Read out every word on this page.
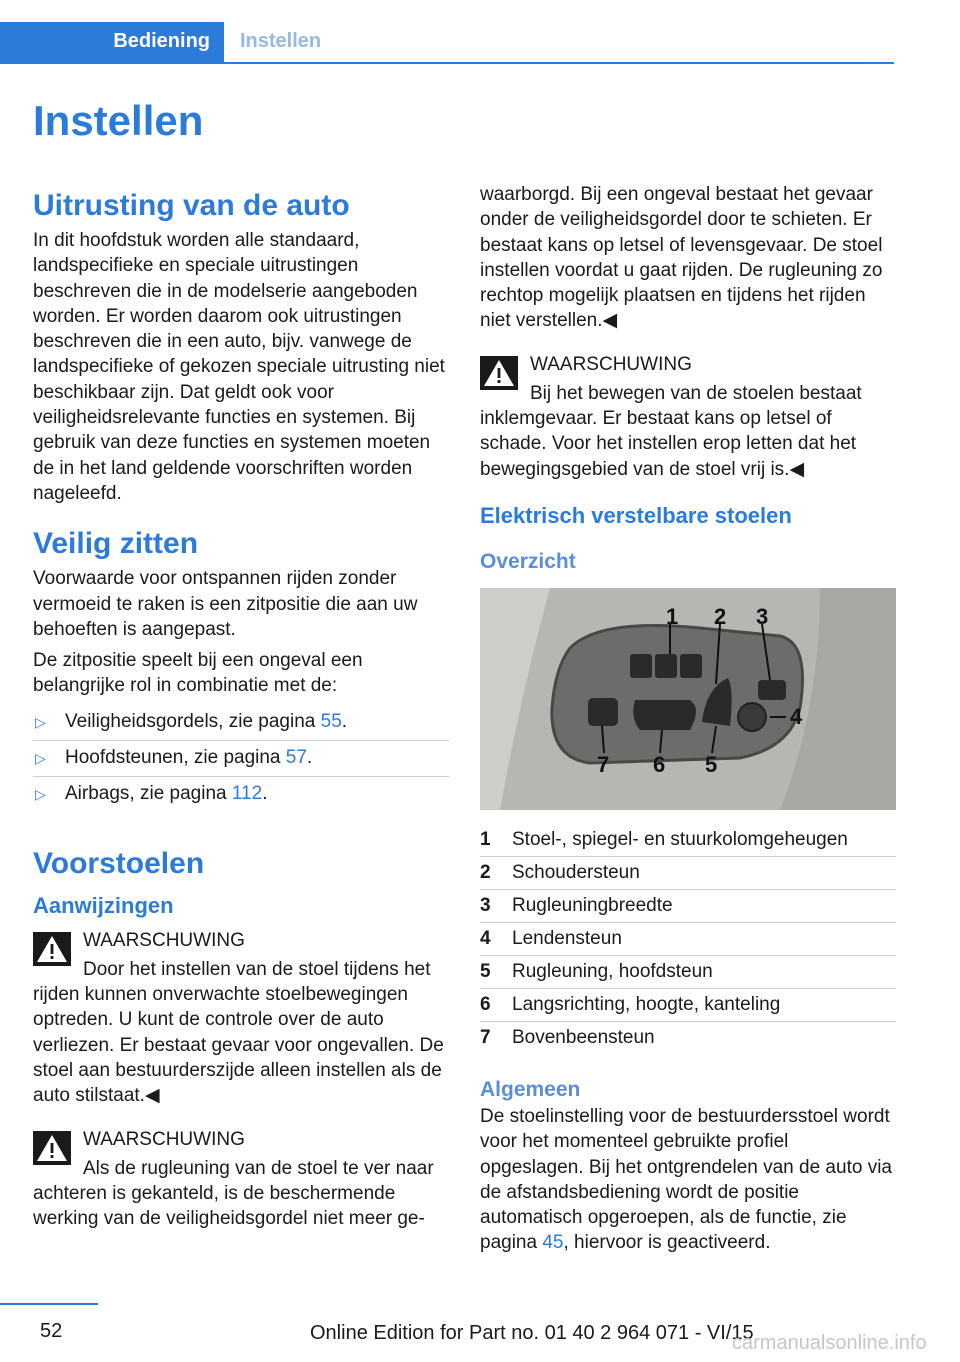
Bediening	Instellen
Instellen
Uitrusting van de auto

In dit hoofdstuk worden alle standaard, landspecifieke en speciale uitrustingen beschreven die in de modelserie aangeboden worden. Er worden daarom ook uitrustingen beschreven die in een auto, bijv. vanwege de landspecifieke of gekozen speciale uitrusting niet beschikbaar zijn. Dat geldt ook voor veiligheidsrelevante functies en systemen. Bij gebruik van deze functies en systemen moeten de in het land geldende voorschriften worden nageleefd.

Veilig zitten

Voorwaarde voor ontspannen rijden zonder vermoeid te raken is een zitpositie die aan uw behoeften is aangepast.

De zitpositie speelt bij een ongeval een belangrijke rol in combinatie met de:

▷ Veiligheidsgordels, zie pagina 55.
▷ Hoofdsteunen, zie pagina 57.
▷ Airbags, zie pagina 112.
Voorstoelen
Aanwijzingen

WAARSCHUWING

Door het instellen van de stoel tijdens het rijden kunnen onverwachte stoelbewegingen optreden. U kunt de controle over de auto verliezen. Er bestaat gevaar voor ongevallen. De stoel aan bestuurderszijde alleen instellen als de auto stilstaat.◀

WAARSCHUWING

Als de rugleuning van de stoel te ver naar achteren is gekanteld, is de beschermende werking van de veiligheidsgordel niet meer ge-

waarborgd. Bij een ongeval bestaat het gevaar onder de veiligheidsgordel door te schieten. Er bestaat kans op letsel of levensgevaar. De stoel instellen voordat u gaat rijden. De rugleuning zo rechtop mogelijk plaatsen en tijdens het rijden niet verstellen.◀

WAARSCHUWING

Bij het bewegen van de stoelen bestaat inklemgevaar. Er bestaat kans op letsel of schade. Voor het instellen erop letten dat het bewegingsgebied van de stoel vrij is.◀

Elektrisch verstelbare stoelen
Overzicht
1 2 3
4
5
6
7
1	Stoel-, spiegel- en stuurkolomgeheugen
2	Schoudersteun
3	Rugleuningbreedte
4	Lendensteun
5	Rugleuning, hoofdsteun
6	Langsrichting, hoogte, kanteling
7	Bovenbeensteun
Algemeen

De stoelinstelling voor de bestuurdersstoel wordt voor het momenteel gebruikte profiel opgeslagen. Bij het ontgrendelen van de auto via de afstandsbediening wordt de positie automatisch opgeroepen, als de functie, zie pagina 45, hiervoor is geactiveerd.

52	Online Edition for Part no. 01 40 2 964 071 - VI/15
carmanualsonline.info
